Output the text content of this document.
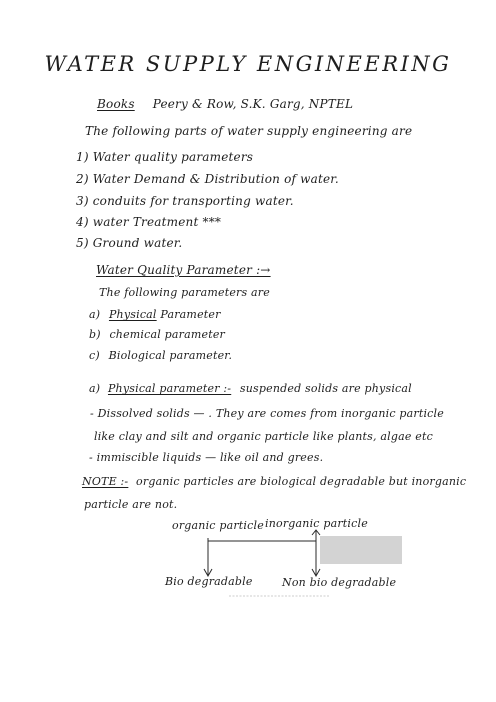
WATER SUPPLY ENGINEERING
Books Peery & Row, S.K. Garg, NPTEL
The following parts of water supply engineering are
1) Water quality parameters
2) Water Demand & Distribution of water.
3) conduits for transporting water.
4) water Treatment ***
5) Ground water.
Water Quality Parameter :→
The following parameters are
a) Physical Parameter
b) chemical parameter
c) Biological parameter.
a) Physical parameter :- suspended solids are physical
- Dissolved solids — . They are comes from inorganic particle
like clay and silt and organic particle like plants, algae etc
- immiscible liquids — like oil and grees.
NOTE :- organic particles are biological degradable but inorganic
particle are not.
organic particle inorganic particle
Bio degradable	Non bio degradable
